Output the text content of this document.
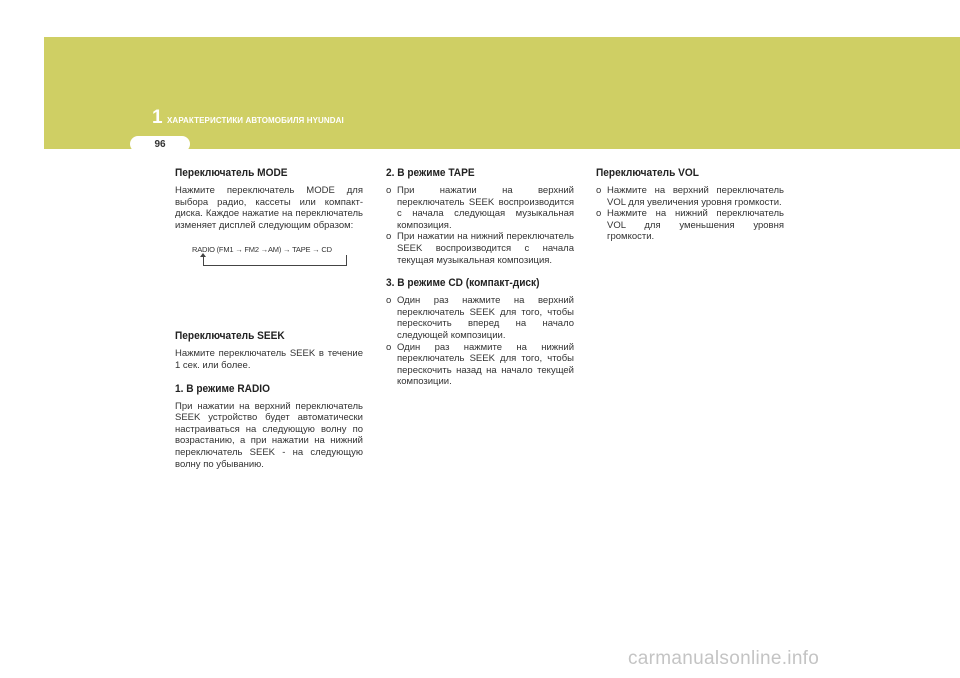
1 ХАРАКТЕРИСТИКИ АВТОМОБИЛЯ HYUNDAI
96
Переключатель MODE

Нажмите переключатель MODE для выбора радио, кассеты или компакт-диска. Каждое нажатие на переключатель изменяет дисплей следующим образом:

RADIO (FM1 → FM2 →AM) → TAPE → CD
Переключатель SEEK

Нажмите переключатель SEEK в течение 1 сек. или более.

1. В режиме RADIO

При нажатии на верхний переключатель SEEK устройство будет автоматически настраиваться на следующую волну по возрастанию, а при нажатии на нижний переключатель SEEK - на следующую волну по убыванию.

2. В режиме TAPE
o При нажатии на верхний переключатель SEEK воспроизводится с начала следующая музыкальная композиция.
o При нажатии на нижний переключатель SEEK воспроизводится с начала текущая музыкальная композиция.
3. В режиме CD (компакт-диск)
o Один раз нажмите на верхний переключатель SEEK для того, чтобы перескочить вперед на начало следующей композиции.
o Один раз нажмите на нижний переключатель SEEK для того, чтобы перескочить назад на начало текущей композиции.
Переключатель VOL
o Нажмите на верхний переключатель VOL для увеличения уровня громкости.
o Нажмите на нижний переключатель VOL для уменьшения уровня громкости.
carmanualsonline.info
